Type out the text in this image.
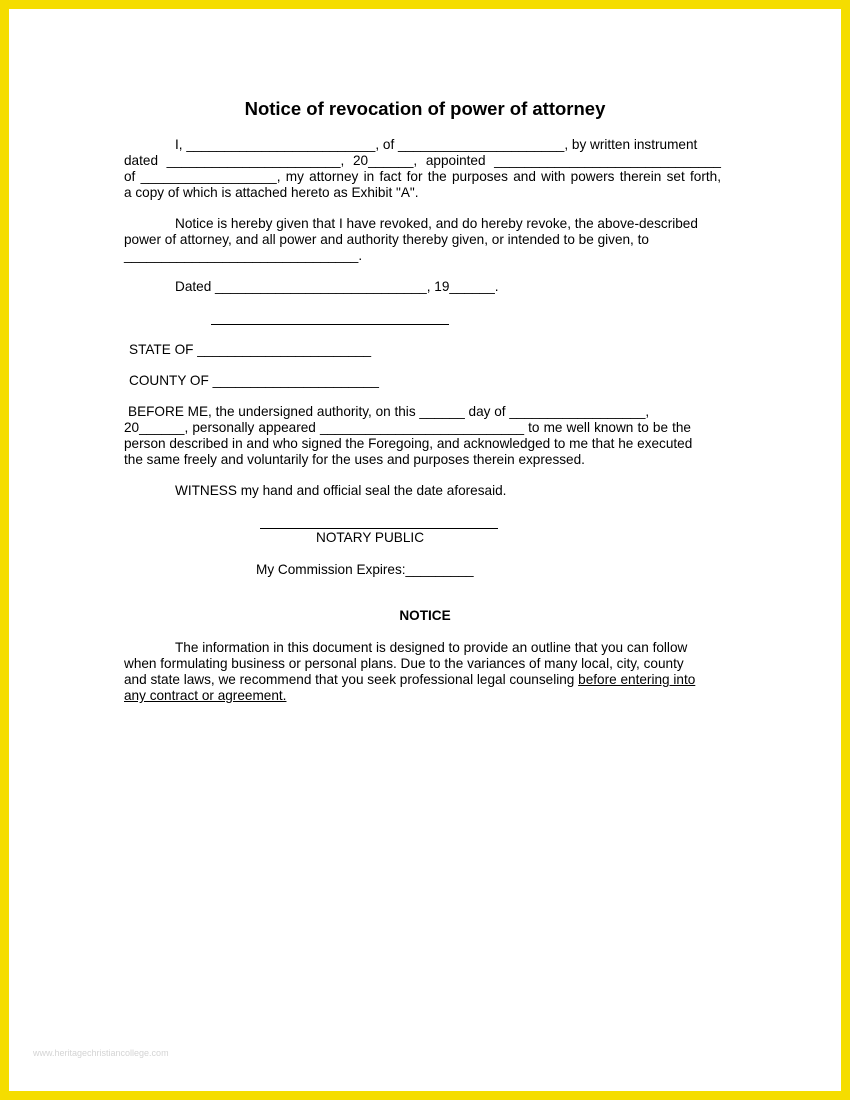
Notice of revocation of power of attorney
I, _________________________, of ______________________, by written instrument
dated _______________________, 20______, appointed ______________________________
of __________________, my attorney in fact for the purposes and with powers therein set forth,
a copy of which is attached hereto as Exhibit "A".
Notice is hereby given that I have revoked, and do hereby revoke, the above-described
power of attorney, and all power and authority thereby given, or intended to be given, to
_______________________________.
Dated ____________________________, 19______.
STATE OF _______________________
COUNTY OF ______________________
BEFORE ME, the undersigned authority, on this ______ day of __________________,
20______, personally appeared ___________________________ to me well known to be the
person described in and who signed the Foregoing, and acknowledged to me that he executed
the same freely and voluntarily for the uses and purposes therein expressed.
WITNESS my hand and official seal the date aforesaid.
NOTARY PUBLIC
My Commission Expires:_________
NOTICE
The information in this document is designed to provide an outline that you can follow
when formulating business or personal plans. Due to the variances of many local, city, county
and state laws, we recommend that you seek professional legal counseling before entering into
any contract or agreement.
www.heritagechristiancollege.com
